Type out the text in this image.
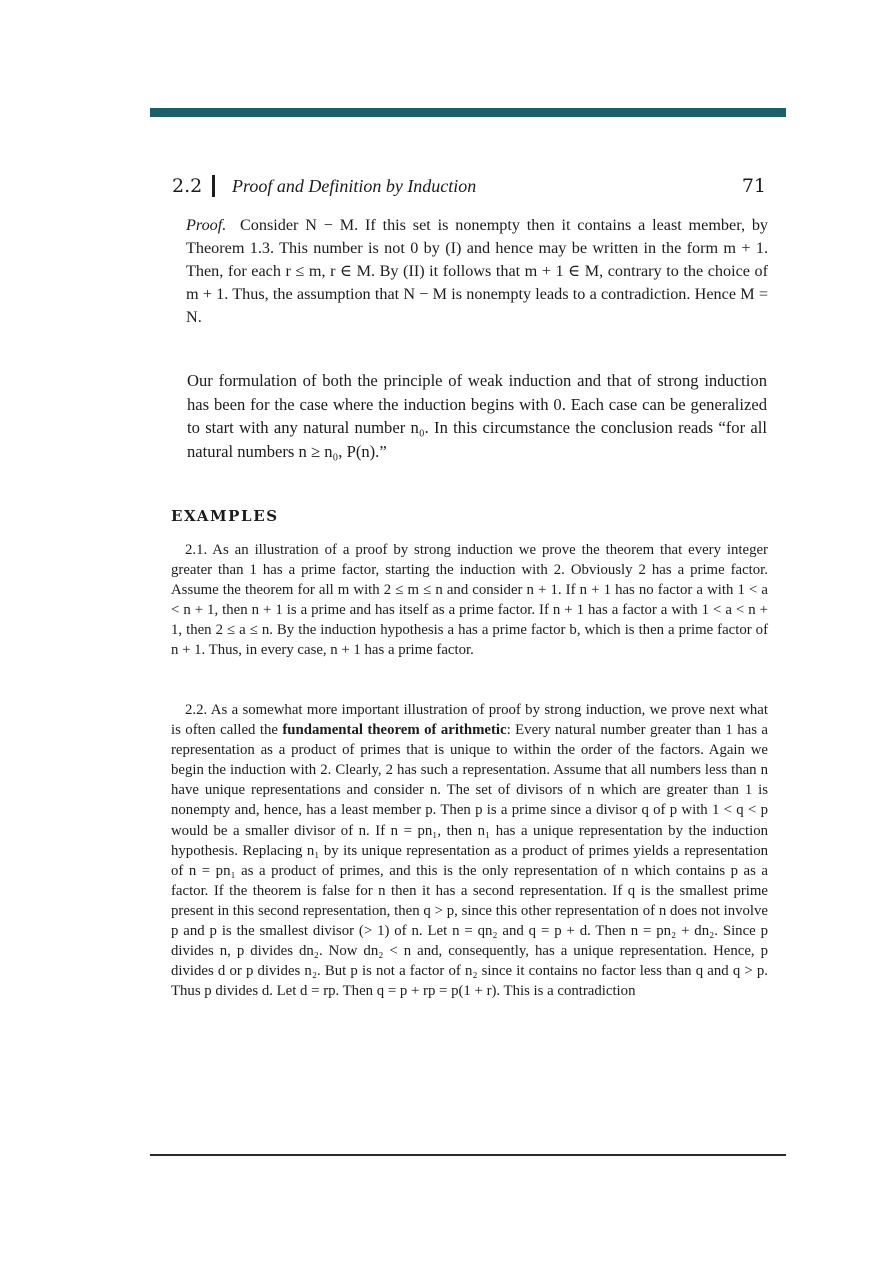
2.2 Proof and Definition by Induction	71

Proof. Consider N − M. If this set is nonempty then it contains a least member, by Theorem 1.3. This number is not 0 by (I) and hence may be written in the form m + 1. Then, for each r ≤ m, r ∈ M. By (II) it follows that m + 1 ∈ M, contrary to the choice of m + 1. Thus, the assumption that N − M is nonempty leads to a contradiction. Hence M = N.

Our formulation of both the principle of weak induction and that of strong induction has been for the case where the induction begins with 0. Each case can be generalized to start with any natural number n₀. In this circumstance the conclusion reads “for all natural numbers n ≥ n₀, P(n).”

EXAMPLES

2.1. As an illustration of a proof by strong induction we prove the theorem that every integer greater than 1 has a prime factor, starting the induction with 2. Obviously 2 has a prime factor. Assume the theorem for all m with 2 ≤ m ≤ n and consider n + 1. If n + 1 has no factor a with 1 < a < n + 1, then n + 1 is a prime and has itself as a prime factor. If n + 1 has a factor a with 1 < a < n + 1, then 2 ≤ a ≤ n. By the induction hypothesis a has a prime factor b, which is then a prime factor of n + 1. Thus, in every case, n + 1 has a prime factor.

2.2. As a somewhat more important illustration of proof by strong induction, we prove next what is often called the fundamental theorem of arithmetic: Every natural number greater than 1 has a representation as a product of primes that is unique to within the order of the factors. Again we begin the induction with 2. Clearly, 2 has such a representation. Assume that all numbers less than n have unique representations and consider n. The set of divisors of n which are greater than 1 is nonempty and, hence, has a least member p. Then p is a prime since a divisor q of p with 1 < q < p would be a smaller divisor of n. If n = pn₁, then n₁ has a unique representation by the induction hypothesis. Replacing n₁ by its unique representation as a product of primes yields a representation of n = pn₁ as a product of primes, and this is the only representation of n which contains p as a factor. If the theorem is false for n then it has a second representation. If q is the smallest prime present in this second representation, then q > p, since this other representation of n does not involve p and p is the smallest divisor (> 1) of n. Let n = qn₂ and q = p + d. Then n = pn₂ + dn₂. Since p divides n, p divides dn₂. Now dn₂ < n and, consequently, has a unique representation. Hence, p divides d or p divides n₂. But p is not a factor of n₂ since it contains no factor less than q and q > p. Thus p divides d. Let d = rp. Then q = p + rp = p(1 + r). This is a contradiction
